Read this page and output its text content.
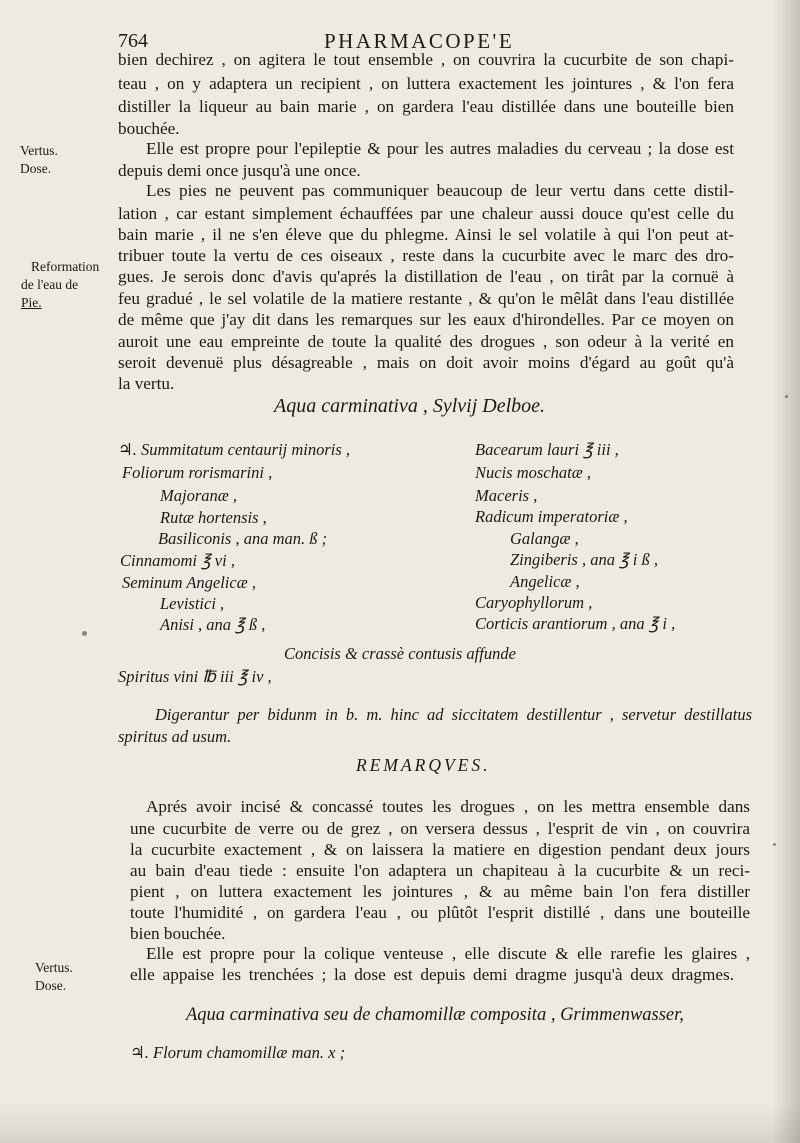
764	PHARMACOPE'E
Vertus.
Dose.
Reformation
de l'eau de
Pie.
Vertus.
Dose.
bien dechirez , on agitera le tout ensemble , on couvrira la cucurbite de son chapi-
teau , on y adaptera un recipient , on luttera exactement les jointures , & l'on fera
distiller la liqueur au bain marie , on gardera l'eau distillée dans une bouteille bien
bouchée.
Elle est propre pour l'epileptie & pour les autres maladies du cerveau ; la dose est
depuis demi once jusqu'à une once.
Les pies ne peuvent pas communiquer beaucoup de leur vertu dans cette distil-
lation , car estant simplement échauffées par une chaleur aussi douce qu'est celle du
bain marie , il ne s'en éleve que du phlegme. Ainsi le sel volatile à qui l'on peut at-
tribuer toute la vertu de ces oiseaux , reste dans la cucurbite avec le marc des dro-
gues. Je serois donc d'avis qu'aprés la distillation de l'eau , on tirât par la cornuë à
feu gradué , le sel volatile de la matiere restante , & qu'on le mêlât dans l'eau distillée
de même que j'ay dit dans les remarques sur les eaux d'hirondelles. Par ce moyen on
auroit une eau empreinte de toute la qualité des drogues , son odeur à la verité en
seroit devenuë plus désagreable , mais on doit avoir moins d'égard au goût qu'à
la vertu.
Aqua carminativa , Sylvij Delboe.
♃. Summitatum centaurij minoris ,
Foliorum rorismarini ,
Majoranæ ,
Rutæ hortensis ,
Basiliconis , ana man. ß ;
Cinnamomi ℥ vi ,
Seminum Angelicæ ,
Levistici ,
Anisi , ana ℥ ß ,
Bacearum lauri ℥ iii ,
Nucis moschatæ ,
Maceris ,
Radicum imperatoriæ ,
Galangæ ,
Zingiberis , ana ℥ i ß ,
Angelicæ ,
Caryophyllorum ,
Corticis arantiorum , ana ℥ i ,
Concisis & crassè contusis affunde
Spiritus vini ℔ iii ℥ iv ,
Digerantur per bidunm in b. m. hinc ad siccitatem destillentur , servetur destillatus
spiritus ad usum.
REMARQVES.
Aprés avoir incisé & concassé toutes les drogues , on les mettra ensemble dans
une cucurbite de verre ou de grez , on versera dessus , l'esprit de vin , on couvrira
la cucurbite exactement , & on laissera la matiere en digestion pendant deux jours
au bain d'eau tiede : ensuite l'on adaptera un chapiteau à la cucurbite & un reci-
pient , on luttera exactement les jointures , & au même bain l'on fera distiller
toute l'humidité , on gardera l'eau , ou plûtôt l'esprit distillé , dans une bouteille
bien bouchée.
Elle est propre pour la colique venteuse , elle discute & elle rarefie les glaires ,
elle appaise les trenchées ; la dose est depuis demi dragme jusqu'à deux dragmes.
Aqua carminativa seu de chamomillæ composita , Grimmenwasser,
♃. Florum chamomillæ man. x ;
